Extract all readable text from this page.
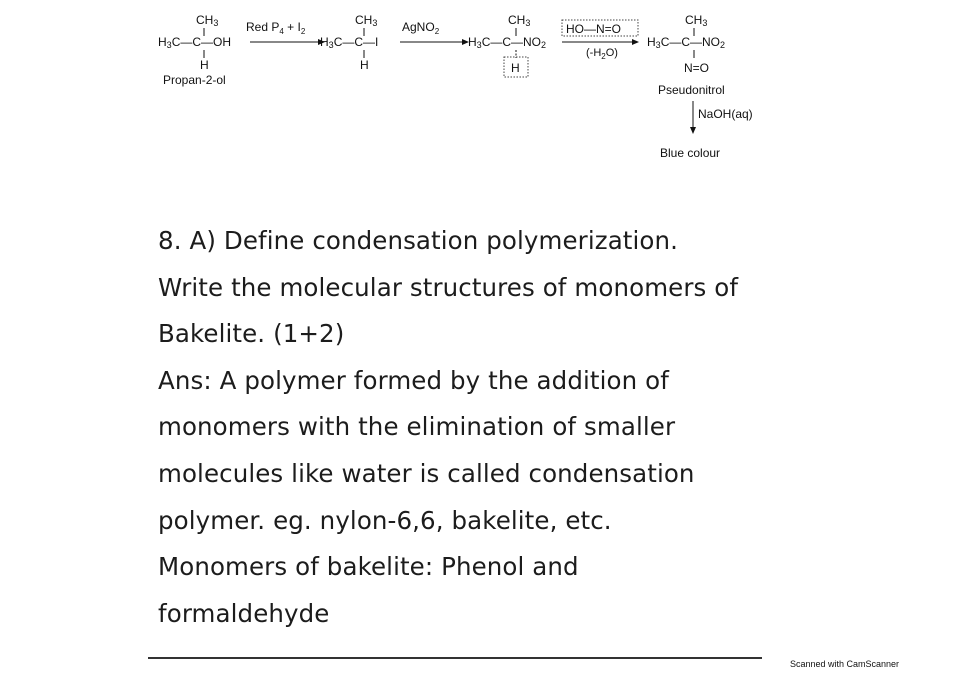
CH3
H3C—C—OH
H
Propan-2-ol
Red $P_4 + I_2$
CH3
H3C—C—I
H
AgNO$_2$
CH3
H3C—C—NO2
H
HO—N=O
$(-H_2O)$
CH3
H3C—C—NO2
N=O
Pseudonitrol
NaOH(aq)
Blue colour
8. A) Define condensation polymerization.
Write the molecular structures of monomers of
Bakelite. (1+2)
Ans: A polymer formed by the addition of
monomers with the elimination of smaller
molecules like water is called condensation
polymer. eg. nylon-6,6, bakelite, etc.
Monomers of bakelite: Phenol and
formaldehyde
Scanned with CamScanner
